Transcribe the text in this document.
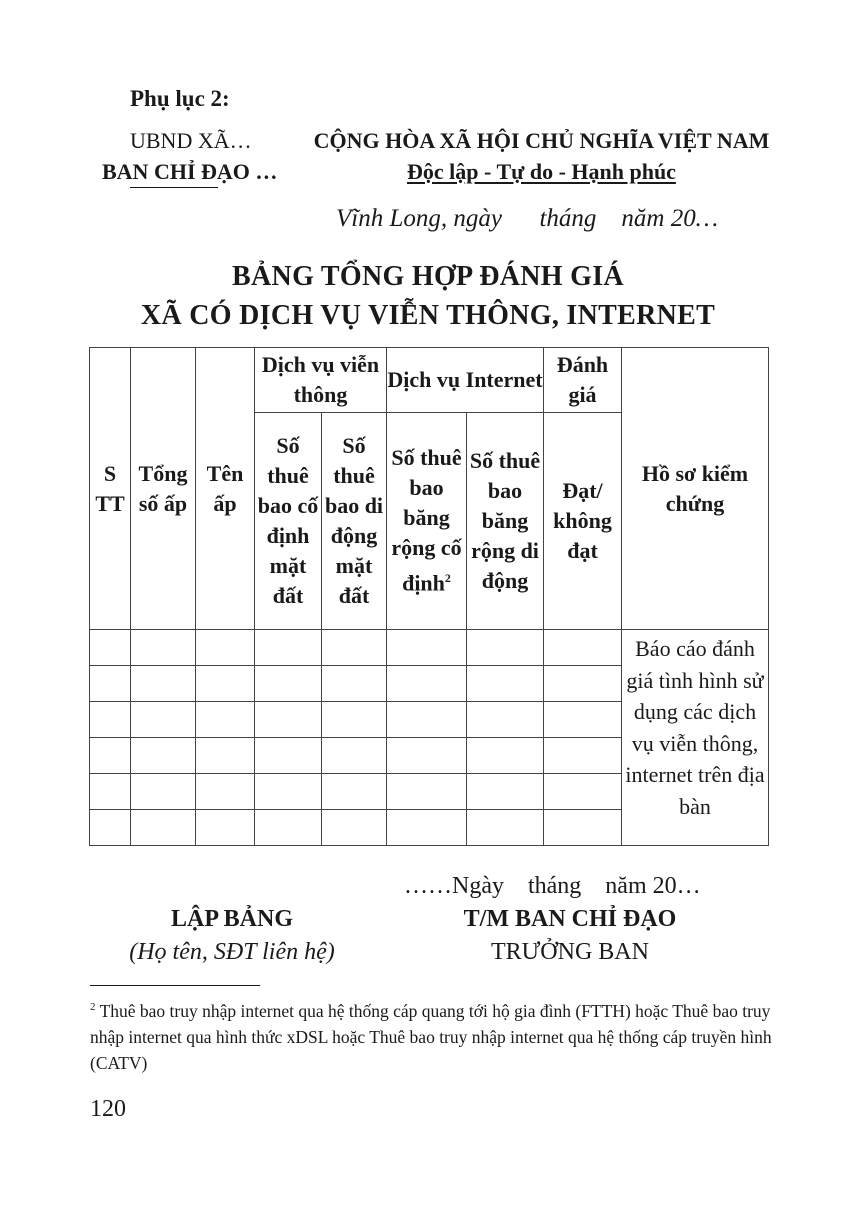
Phụ lục 2:
UBND XÃ…
BAN CHỈ ĐẠO …
CỘNG HÒA XÃ HỘI CHỦ NGHĨA VIỆT NAM
Độc lập - Tự do - Hạnh phúc
Vĩnh Long, ngày      tháng    năm 20…
BẢNG TỔNG HỢP ĐÁNH GIÁ
XÃ CÓ DỊCH VỤ VIỄN THÔNG, INTERNET
S TT	Tổng số ấp	Tên ấp	Dịch vụ viễn thông		Dịch vụ Internet		Đánh giá	Hồ sơ kiểm chứng
			Số thuê bao cố định mặt đất	Số thuê bao di động mặt đất	Số thuê bao băng rộng cố định$^2$	Số thuê bao băng rộng di động	Đạt/ không đạt	
								Báo cáo đánh giá tình hình sử dụng các dịch vụ viễn thông, internet trên địa bàn

……Ngày    tháng    năm 20…
LẬP BẢNG
(Họ tên, SĐT liên hệ)
T/M BAN CHỈ ĐẠO
TRƯỞNG BAN
$^2$ Thuê bao truy nhập internet qua hệ thống cáp quang tới hộ gia đình (FTTH) hoặc Thuê bao truy nhập internet qua hình thức xDSL hoặc Thuê bao truy nhập internet qua hệ thống cáp truyền hình (CATV)
120
